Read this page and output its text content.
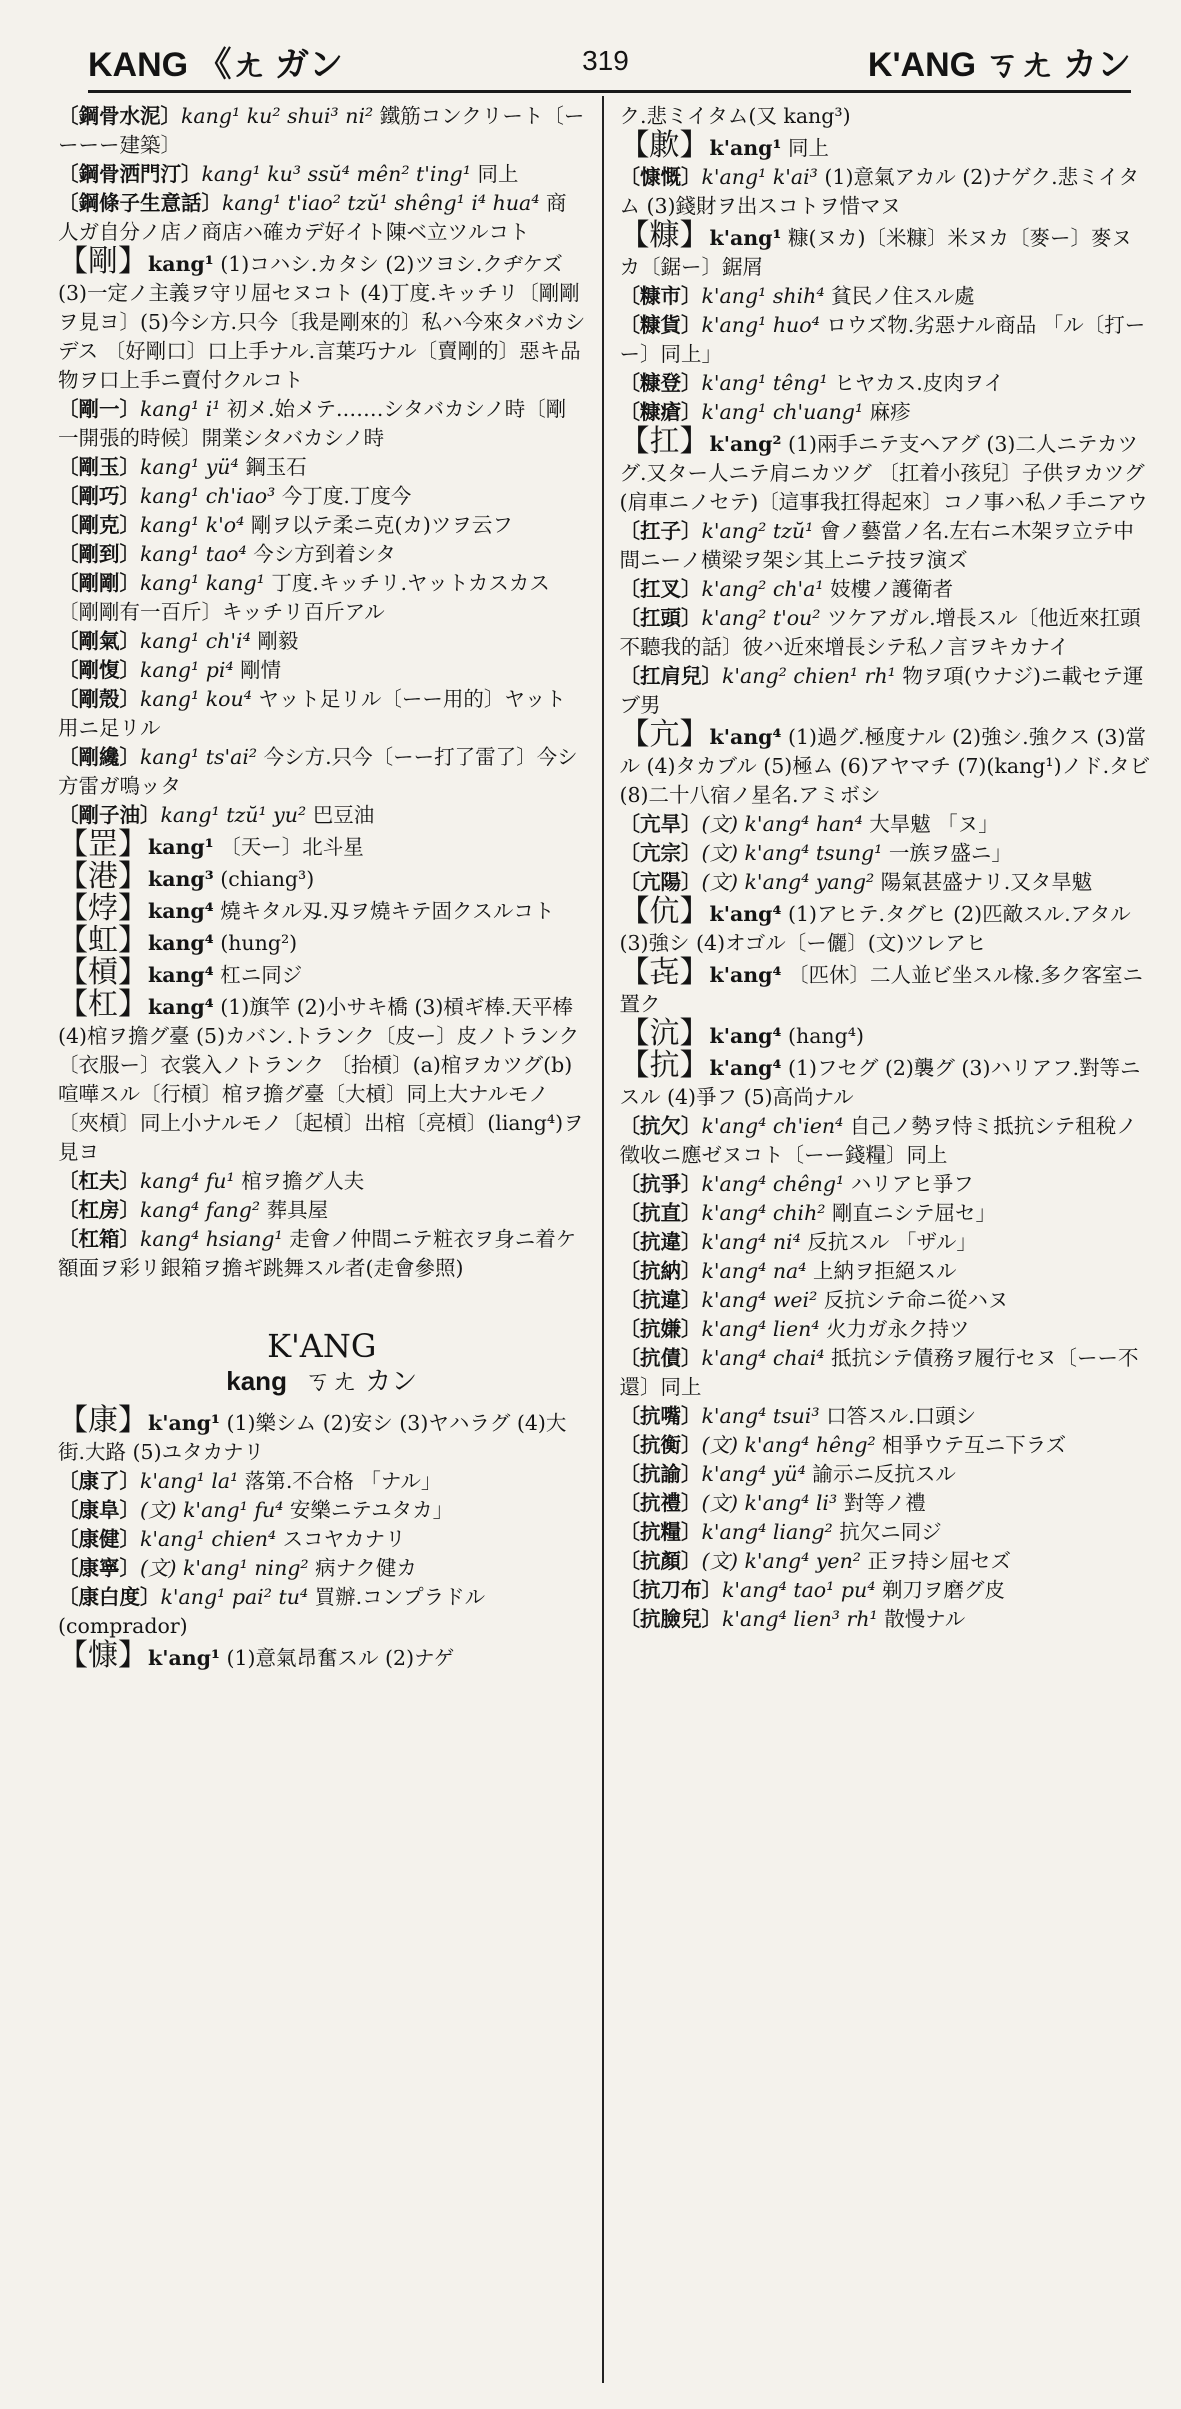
KANG 《ㄤ ガン	319	K'ANG ㄎㄤ カン

〔鋼骨水泥〕kang¹ ku² shui³ ni² 鐵筋コンクリート〔ーーーー建築〕

〔鋼骨洒門汀〕kang¹ ku³ ssŭ⁴ mên² t'ing¹ 同上

〔鋼條子生意話〕kang¹ t'iao² tzŭ¹ shêng¹ i⁴ hua⁴ 商人ガ自分ノ店ノ商店ハ確カデ好イト陳ベ立ツルコト

【剛】kang¹ (1)コハシ.カタシ (2)ツヨシ.クヂケズ (3)一定ノ主義ヲ守リ屈セヌコト (4)丁度.キッチリ〔剛剛ヲ見ヨ〕(5)今シ方.只今〔我是剛來的〕私ハ今來タバカシデス 〔好剛口〕口上手ナル.言葉巧ナル〔賣剛的〕惡キ品物ヲ口上手ニ賣付クルコト

〔剛一〕kang¹ i¹ 初メ.始メテ.……シタバカシノ時〔剛一開張的時候〕開業シタバカシノ時

〔剛玉〕kang¹ yü⁴ 鋼玉石

〔剛巧〕kang¹ ch'iao³ 今丁度.丁度今

〔剛克〕kang¹ k'o⁴ 剛ヲ以テ柔ニ克(カ)ツヲ云フ

〔剛到〕kang¹ tao⁴ 今シ方到着シタ

〔剛剛〕kang¹ kang¹ 丁度.キッチリ.ヤットカスカス〔剛剛有一百斤〕キッチリ百斤アル

〔剛氣〕kang¹ ch'i⁴ 剛毅

〔剛愎〕kang¹ pi⁴ 剛情

〔剛殼〕kang¹ kou⁴ ヤット足リル〔ーー用的〕ヤット用ニ足リル

〔剛纔〕kang¹ ts'ai² 今シ方.只今〔ーー打了雷了〕今シ方雷ガ鳴ッタ

〔剛子油〕kang¹ tzŭ¹ yu² 巴豆油

【罡】kang¹ 〔天ー〕北斗星

【港】kang³ (chiang³)

【㶿】kang⁴ 燒キタル刄.刄ヲ燒キテ固クスルコト

【虹】kang⁴ (hung²)

【槓】kang⁴ 杠ニ同ジ

【杠】kang⁴ (1)旗竿 (2)小サキ橋 (3)槓ギ棒.天平棒 (4)棺ヲ擔グ臺 (5)カバン.トランク〔皮ー〕皮ノトランク〔衣服ー〕衣裳入ノトランク 〔抬槓〕(a)棺ヲカツグ(b)喧嘩スル〔行槓〕棺ヲ擔グ臺〔大槓〕同上大ナルモノ〔夾槓〕同上小ナルモノ〔起槓〕出棺〔亮槓〕(liang⁴)ヲ見ヨ

〔杠夫〕kang⁴ fu¹ 棺ヲ擔グ人夫

〔杠房〕kang⁴ fang² 葬具屋

〔杠箱〕kang⁴ hsiang¹ 走會ノ仲間ニテ粧衣ヲ身ニ着ケ額面ヲ彩リ銀箱ヲ擔ギ跳舞スル者(走會參照)

K'ANG
kang ㄎㄤ カン

【康】k'ang¹ (1)樂シム (2)安シ (3)ヤハラグ (4)大街.大路 (5)ユタカナリ

〔康了〕k'ang¹ la¹ 落第.不合格 「ナル」

〔康阜〕(文) k'ang¹ fu⁴ 安樂ニテユタカ」

〔康健〕k'ang¹ chien⁴ スコヤカナリ

〔康寧〕(文) k'ang¹ ning² 病ナク健カ

〔康白度〕k'ang¹ pai² tu⁴ 買辦.コンプラドル(comprador)

【慷】k'ang¹ (1)意氣昂奮スル (2)ナゲ

ク.悲ミイタム(又 kang³)

【㱂】k'ang¹ 同上

〔慷慨〕k'ang¹ k'ai³ (1)意氣アカル (2)ナゲク.悲ミイタム (3)錢財ヲ出スコトヲ惜マヌ

【糠】k'ang¹ 糠(ヌカ)〔米糠〕米ヌカ〔麥ー〕麥ヌカ〔鋸ー〕鋸屑

〔糠市〕k'ang¹ shih⁴ 貧民ノ住スル處

〔糠貨〕k'ang¹ huo⁴ ロウズ物.劣惡ナル商品 「ル〔打ーー〕同上」

〔糠登〕k'ang¹ têng¹ ヒヤカス.皮肉ヲイ

〔糠瘡〕k'ang¹ ch'uang¹ 麻疹

【扛】k'ang² (1)兩手ニテ支ヘアグ (3)二人ニテカツグ.又ター人ニテ肩ニカツグ 〔扛着小孩兒〕子供ヲカツグ(肩車ニノセテ)〔這事我扛得起來〕コノ事ハ私ノ手ニアウ

〔扛子〕k'ang² tzŭ¹ 會ノ藝當ノ名.左右ニ木架ヲ立テ中間ニーノ横梁ヲ架シ其上ニテ技ヲ演ズ

〔扛叉〕k'ang² ch'a¹ 妓樓ノ護衛者

〔扛頭〕k'ang² t'ou² ツケアガル.增長スル〔他近來扛頭不聽我的話〕彼ハ近來增長シテ私ノ言ヲキカナイ

〔扛肩兒〕k'ang² chien¹ rh¹ 物ヲ項(ウナジ)ニ載セテ運ブ男

【亢】k'ang⁴ (1)過グ.極度ナル (2)強シ.強クス (3)當ル (4)タカブル (5)極ム (6)アヤマチ (7)(kang¹)ノド.タビ (8)二十八宿ノ星名.アミボシ

〔亢旱〕(文) k'ang⁴ han⁴ 大旱魃 「ヌ」

〔亢宗〕(文) k'ang⁴ tsung¹ 一族ヲ盛ニ」

〔亢陽〕(文) k'ang⁴ yang² 陽氣甚盛ナリ.又タ旱魃

【伉】k'ang⁴ (1)アヒテ.タグヒ (2)匹敵スル.アタル (3)強シ (4)オゴル〔ー儷〕(文)ツレアヒ

【㐂】k'ang⁴ 〔匹休〕二人並ビ坐スル椽.多ク客室ニ置ク

【沆】k'ang⁴ (hang⁴)

【抗】k'ang⁴ (1)フセグ (2)襲グ (3)ハリアフ.對等ニスル (4)爭フ (5)高尚ナル

〔抗欠〕k'ang⁴ ch'ien⁴ 自己ノ勢ヲ恃ミ抵抗シテ租稅ノ徵收ニ應ゼヌコト〔ーー錢糧〕同上

〔抗爭〕k'ang⁴ chêng¹ ハリアヒ爭フ

〔抗直〕k'ang⁴ chih² 剛直ニシテ屈セ」

〔抗違〕k'ang⁴ ni⁴ 反抗スル 「ザル」

〔抗納〕k'ang⁴ na⁴ 上納ヲ拒絕スル

〔抗違〕k'ang⁴ wei² 反抗シテ命ニ從ハヌ

〔抗嫌〕k'ang⁴ lien⁴ 火力ガ永ク持ツ

〔抗債〕k'ang⁴ chai⁴ 抵抗シテ債務ヲ履行セヌ〔ーー不還〕同上

〔抗嘴〕k'ang⁴ tsui³ 口答スル.口頭シ

〔抗衡〕(文) k'ang⁴ hêng² 相爭ウテ互ニ下ラズ

〔抗諭〕k'ang⁴ yü⁴ 諭示ニ反抗スル

〔抗禮〕(文) k'ang⁴ li³ 對等ノ禮

〔抗糧〕k'ang⁴ liang² 抗欠ニ同ジ

〔抗顏〕(文) k'ang⁴ yen² 正ヲ持シ屈セズ

〔抗刀布〕k'ang⁴ tao¹ pu⁴ 剃刀ヲ磨グ皮

〔抗臉兒〕k'ang⁴ lien³ rh¹ 散慢ナル
